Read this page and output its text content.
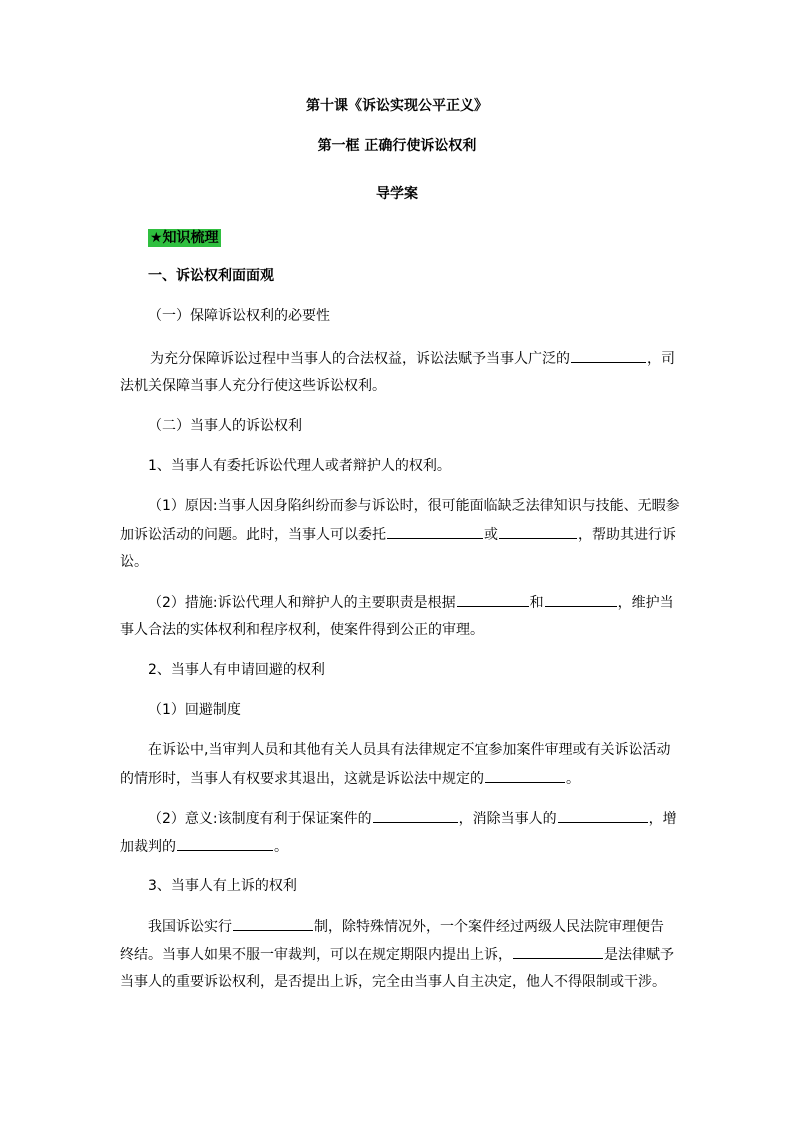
第十课《诉讼实现公平正义》
第一框 正确行使诉讼权利
导学案
★知识梳理
一、诉讼权利面面观
（一）保障诉讼权利的必要性
为充分保障诉讼过程中当事人的合法权益，诉讼法赋予当事人广泛的	，司
法机关保障当事人充分行使这些诉讼权利。
（二）当事人的诉讼权利
1、当事人有委托诉讼代理人或者辩护人的权利。
（1）原因:当事人因身陷纠纷而参与诉讼时，很可能面临缺乏法律知识与技能、无暇参
加诉讼活动的问题。此时，当事人可以委托	或	，帮助其进行诉
讼。
（2）措施:诉讼代理人和辩护人的主要职责是根据	和	，维护当
事人合法的实体权利和程序权利，使案件得到公正的审理。
2、当事人有申请回避的权利
（1）回避制度
在诉讼中,当审判人员和其他有关人员具有法律规定不宜参加案件审理或有关诉讼活动
的情形时，当事人有权要求其退出，这就是诉讼法中规定的	。
（2）意义:该制度有利于保证案件的	，消除当事人的	，增
加裁判的	。
3、当事人有上诉的权利
我国诉讼实行	制，除特殊情况外，一个案件经过两级人民法院审理便告
终结。当事人如果不服一审裁判，可以在规定期限内提出上诉，	是法律赋予
当事人的重要诉讼权利，是否提出上诉，完全由当事人自主决定，他人不得限制或干涉。
